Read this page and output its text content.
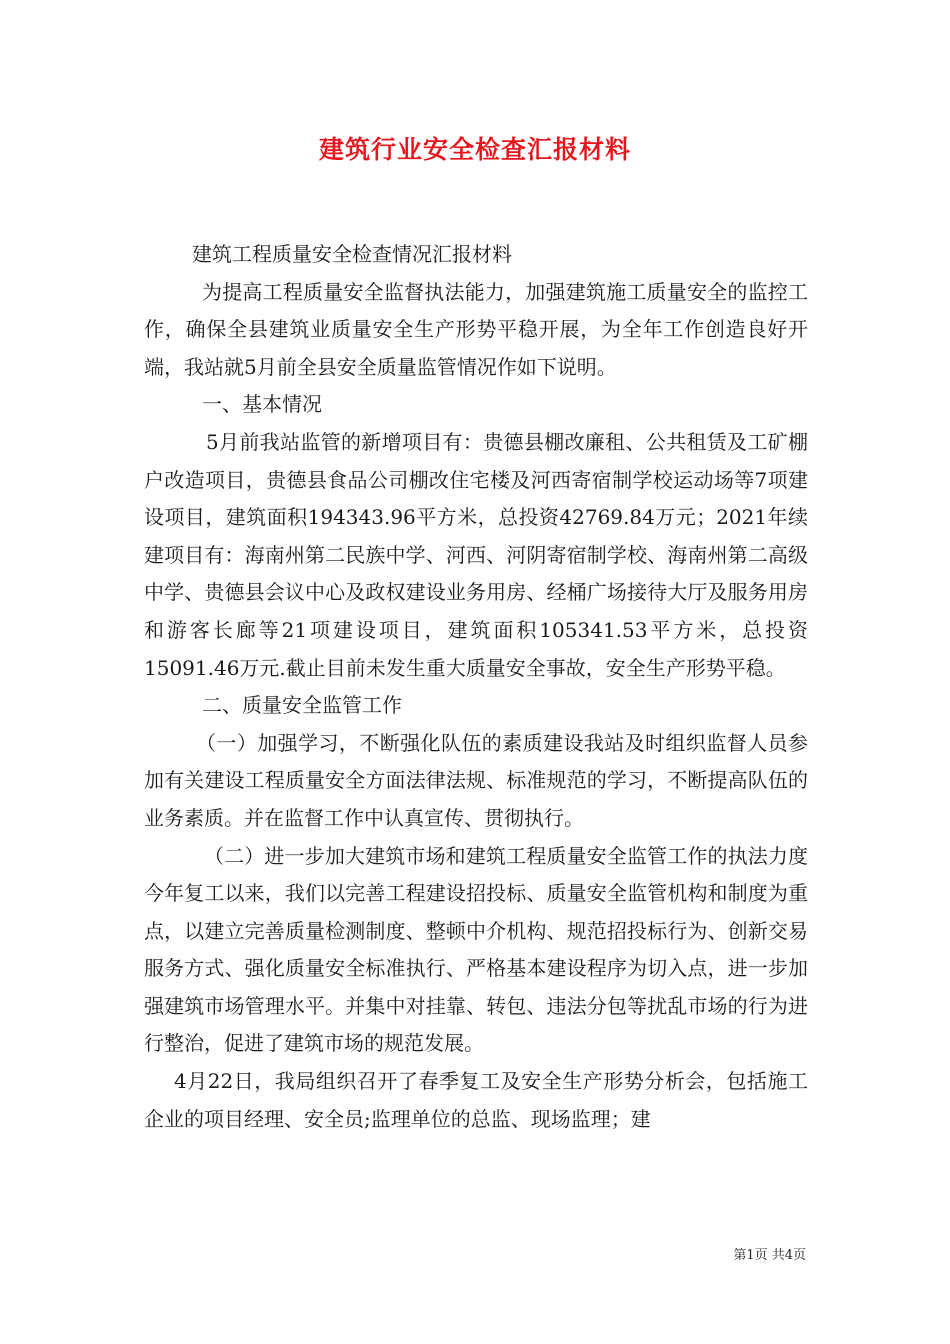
建筑行业安全检查汇报材料

建筑工程质量安全检查情况汇报材料

为提高工程质量安全监督执法能力，加强建筑施工质量安全的监控工作，确保全县建筑业质量安全生产形势平稳开展，为全年工作创造良好开端，我站就5月前全县安全质量监管情况作如下说明。

一、基本情况

5月前我站监管的新增项目有：贵德县棚改廉租、公共租赁及工矿棚户改造项目，贵德县食品公司棚改住宅楼及河西寄宿制学校运动场等7项建设项目，建筑面积194343.96平方米，总投资42769.84万元；2021年续建项目有：海南州第二民族中学、河西、河阴寄宿制学校、海南州第二高级中学、贵德县会议中心及政权建设业务用房、经桶广场接待大厅及服务用房和游客长廊等21项建设项目，建筑面积105341.53平方米，总投资15091.46万元.截止目前未发生重大质量安全事故，安全生产形势平稳。

二、质量安全监管工作

（一）加强学习，不断强化队伍的素质建设我站及时组织监督人员参加有关建设工程质量安全方面法律法规、标准规范的学习，不断提高队伍的业务素质。并在监督工作中认真宣传、贯彻执行。

（二）进一步加大建筑市场和建筑工程质量安全监管工作的执法力度今年复工以来，我们以完善工程建设招投标、质量安全监管机构和制度为重点，以建立完善质量检测制度、整顿中介机构、规范招投标行为、创新交易服务方式、强化质量安全标准执行、严格基本建设程序为切入点，进一步加强建筑市场管理水平。并集中对挂靠、转包、违法分包等扰乱市场的行为进行整治，促进了建筑市场的规范发展。

4月22日，我局组织召开了春季复工及安全生产形势分析会，包括施工企业的项目经理、安全员;监理单位的总监、现场监理；建

第1页 共4页
